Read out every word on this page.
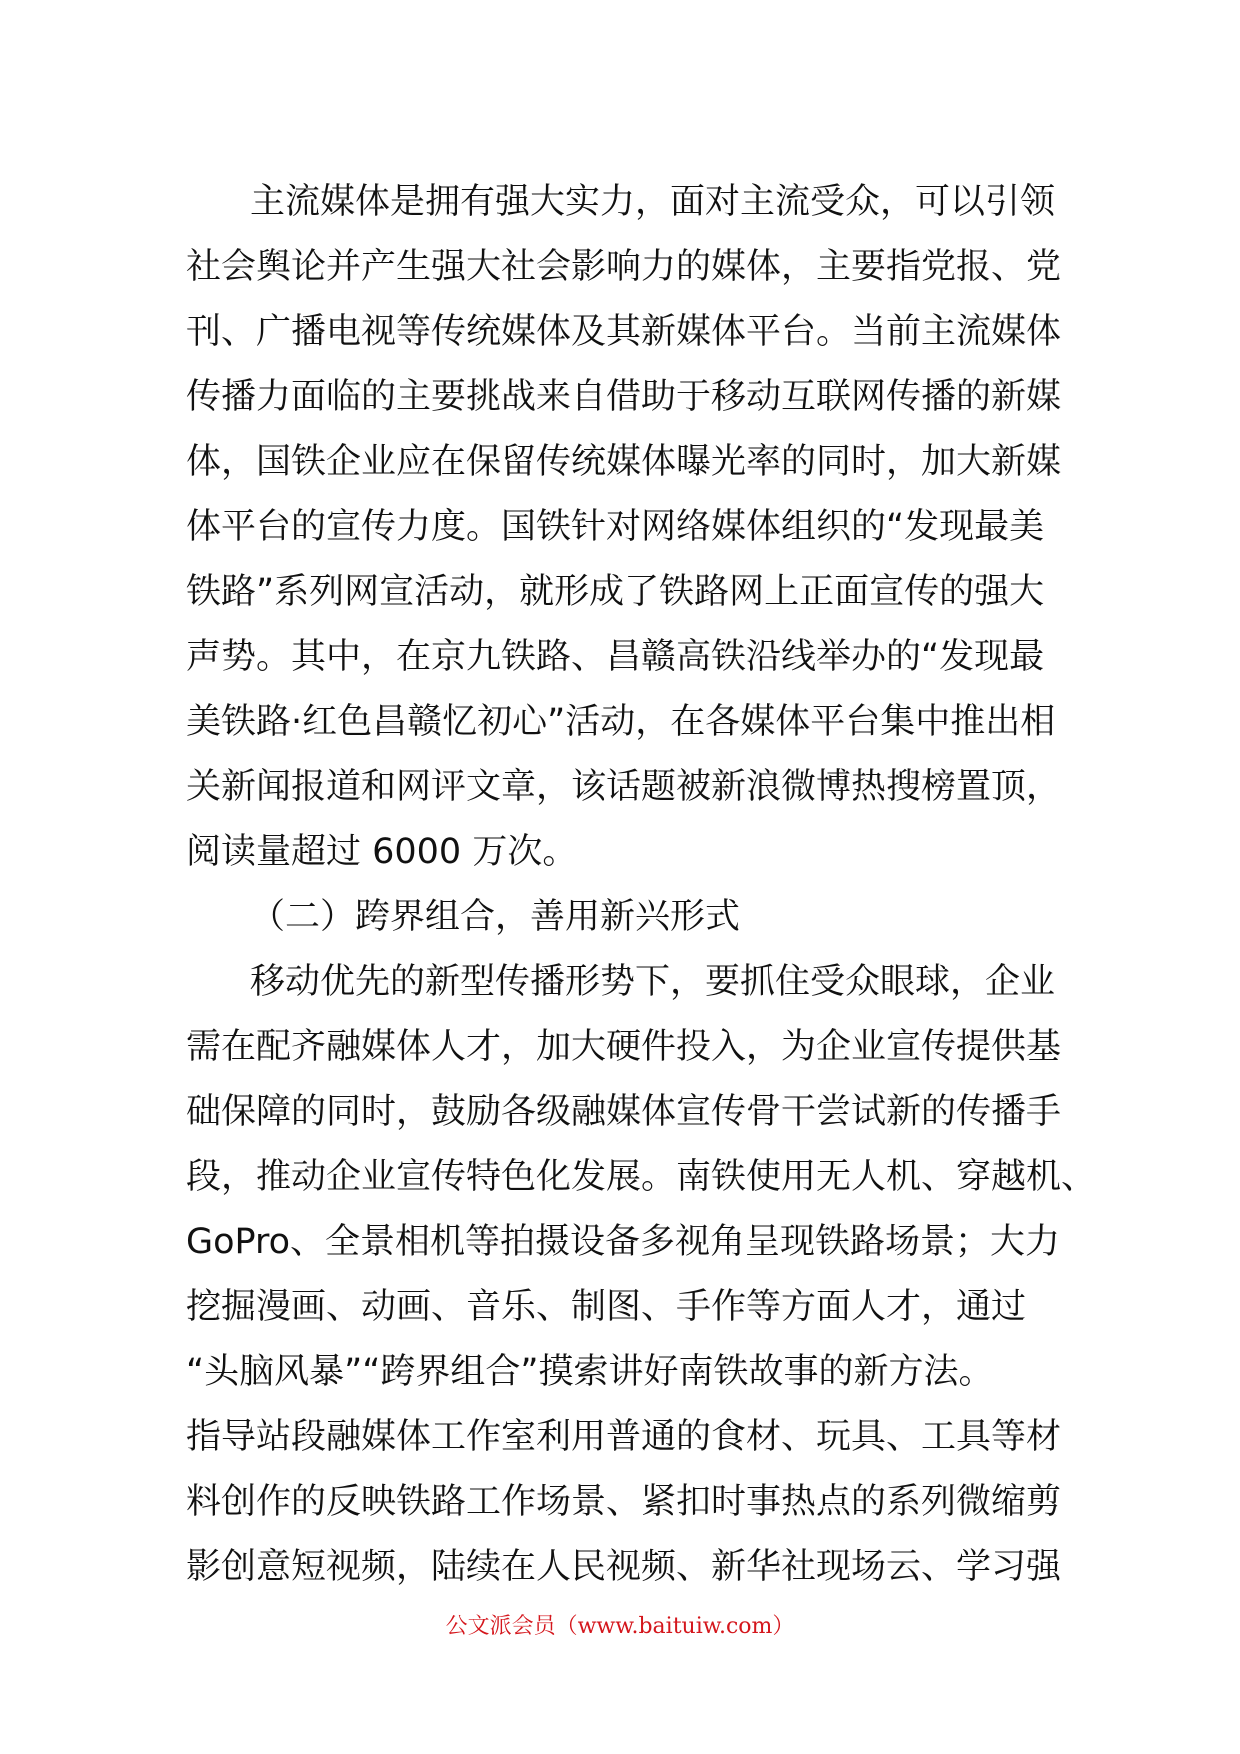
主流媒体是拥有强大实力，面对主流受众，可以引领
社会舆论并产生强大社会影响力的媒体，主要指党报、党
刊、广播电视等传统媒体及其新媒体平台。当前主流媒体
传播力面临的主要挑战来自借助于移动互联网传播的新媒
体，国铁企业应在保留传统媒体曝光率的同时，加大新媒
体平台的宣传力度。国铁针对网络媒体组织的“发现最美
铁路”系列网宣活动，就形成了铁路网上正面宣传的强大
声势。其中，在京九铁路、昌赣高铁沿线举办的“发现最
美铁路·红色昌赣忆初心”活动，在各媒体平台集中推出相
关新闻报道和网评文章，该话题被新浪微博热搜榜置顶，
阅读量超过 6000 万次。
（二）跨界组合，善用新兴形式
移动优先的新型传播形势下，要抓住受众眼球，企业
需在配齐融媒体人才，加大硬件投入，为企业宣传提供基
础保障的同时，鼓励各级融媒体宣传骨干尝试新的传播手
段，推动企业宣传特色化发展。南铁使用无人机、穿越机、
GoPro、全景相机等拍摄设备多视角呈现铁路场景；大力
挖掘漫画、动画、音乐、制图、手作等方面人才，通过
“头脑风暴”“跨界组合”摸索讲好南铁故事的新方法。
指导站段融媒体工作室利用普通的食材、玩具、工具等材
料创作的反映铁路工作场景、紧扣时事热点的系列微缩剪
影创意短视频，陆续在人民视频、新华社现场云、学习强
公文派会员（www.baituiw.com）
